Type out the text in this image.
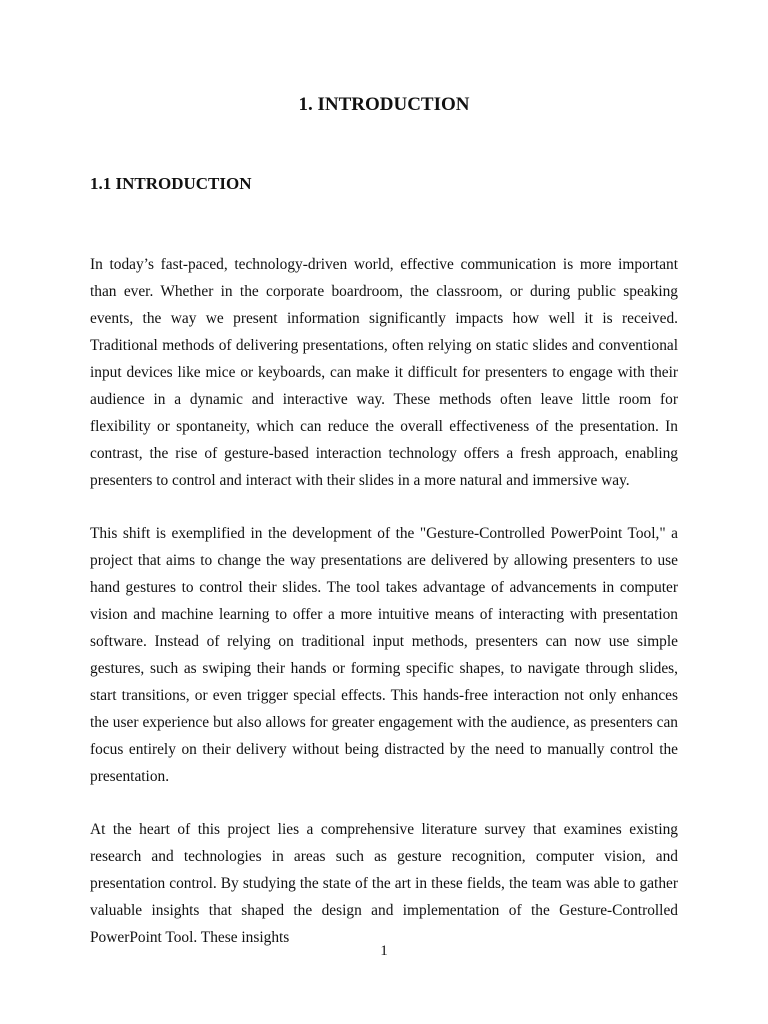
1. INTRODUCTION
1.1 INTRODUCTION

In today’s fast-paced, technology-driven world, effective communication is more important than ever. Whether in the corporate boardroom, the classroom, or during public speaking events, the way we present information significantly impacts how well it is received. Traditional methods of delivering presentations, often relying on static slides and conventional input devices like mice or keyboards, can make it difficult for presenters to engage with their audience in a dynamic and interactive way. These methods often leave little room for flexibility or spontaneity, which can reduce the overall effectiveness of the presentation. In contrast, the rise of gesture-based interaction technology offers a fresh approach, enabling presenters to control and interact with their slides in a more natural and immersive way.

This shift is exemplified in the development of the "Gesture-Controlled PowerPoint Tool," a project that aims to change the way presentations are delivered by allowing presenters to use hand gestures to control their slides. The tool takes advantage of advancements in computer vision and machine learning to offer a more intuitive means of interacting with presentation software. Instead of relying on traditional input methods, presenters can now use simple gestures, such as swiping their hands or forming specific shapes, to navigate through slides, start transitions, or even trigger special effects. This hands-free interaction not only enhances the user experience but also allows for greater engagement with the audience, as presenters can focus entirely on their delivery without being distracted by the need to manually control the presentation.

At the heart of this project lies a comprehensive literature survey that examines existing research and technologies in areas such as gesture recognition, computer vision, and presentation control. By studying the state of the art in these fields, the team was able to gather valuable insights that shaped the design and implementation of the Gesture-Controlled PowerPoint Tool. These insights

1
